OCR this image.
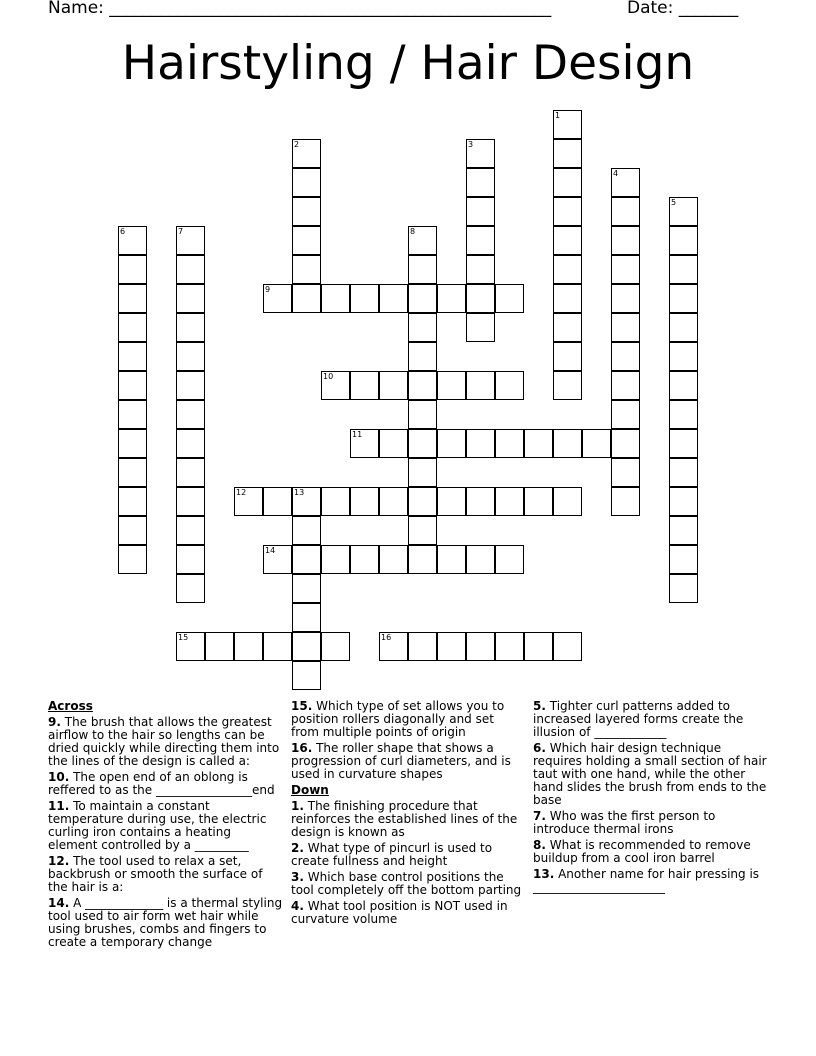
Name: ____________________________________________________	Date: _______
Hairstyling / Hair Design
1
2	3
4
5
6	7	8
13
9
10
11
12
14
15	16

Across

9. The brush that allows the greatest airflow to the hair so lengths can be dried quickly while directing them into the lines of the design is called a:

10. The open end of an oblong is reffered to as the ________________end

11. To maintain a constant temperature during use, the electric curling iron contains a heating element controlled by a _________

12. The tool used to relax a set, backbrush or smooth the surface of the hair is a:

14. A _____________ is a thermal styling tool used to air form wet hair while using brushes, combs and fingers to create a temporary change

15. Which type of set allows you to position rollers diagonally and set from multiple points of origin

16. The roller shape that shows a progression of curl diameters, and is used in curvature shapes

Down

1. The finishing procedure that reinforces the established lines of the design is known as

2. What type of pincurl is used to create fullness and height

3. Which base control positions the tool completely off the bottom parting

4. What tool position is NOT used in curvature volume

5. Tighter curl patterns added to increased layered forms create the illusion of ____________

6. Which hair design technique requires holding a small section of hair taut with one hand, while the other hand slides the brush from ends to the base

7. Who was the first person to introduce thermal irons

8. What is recommended to remove buildup from a cool iron barrel

13. Another name for hair pressing is ______________________
